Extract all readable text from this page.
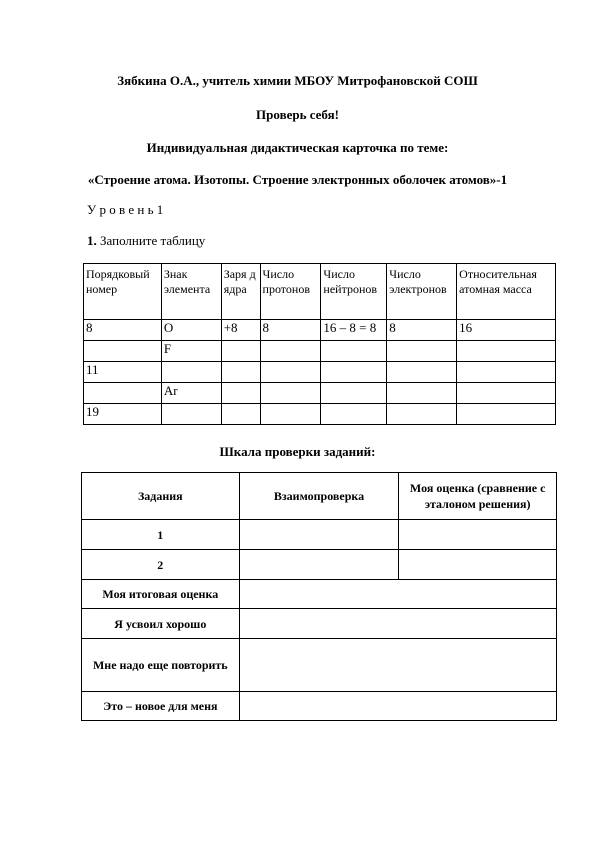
Зябкина О.А., учитель химии МБОУ Митрофановской СОШ
Проверь себя!
Индивидуальная дидактическая карточка по теме:
«Строение атома. Изотопы. Строение электронных оболочек атомов»-1
У р о в е н ь 1
1. Заполните таблицу
Порядковый номер	Знак элемента	Заря д ядра	Число протонов	Число нейтронов	Число электронов	Относительная атомная масса
8	O	+8	8	16 – 8 = 8	8	16
	F					
11						
	Ar					
19						
Шкала проверки заданий:
Задания	Взаимопроверка	Моя оценка (сравнение с эталоном решения)
1		
2		
Моя итоговая оценка		
Я усвоил хорошо		
Мне надо еще повторить		
Это – новое для меня		
